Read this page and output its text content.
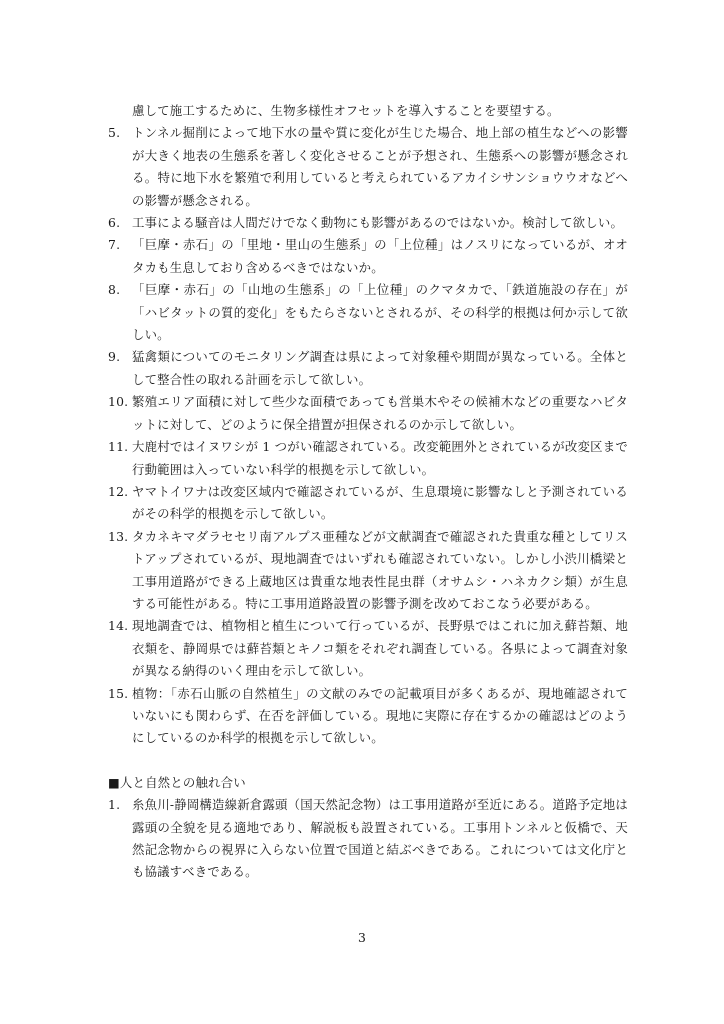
慮して施工するために、生物多様性オフセットを導入することを要望する。

5. トンネル掘削によって地下水の量や質に変化が生じた場合、地上部の植生などへの影響が大きく地表の生態系を著しく変化させることが予想され、生態系への影響が懸念される。特に地下水を繁殖で利用していると考えられているアカイシサンショウウオなどへの影響が懸念される。

6. 工事による騒音は人間だけでなく動物にも影響があるのではないか。検討して欲しい。

7. 「巨摩・赤石」の「里地・里山の生態系」の「上位種」はノスリになっているが、オオタカも生息しており含めるべきではないか。

8. 「巨摩・赤石」の「山地の生態系」の「上位種」のクマタカで、「鉄道施設の存在」が「ハビタットの質的変化」をもたらさないとされるが、その科学的根拠は何か示して欲しい。

9. 猛禽類についてのモニタリング調査は県によって対象種や期間が異なっている。全体として整合性の取れる計画を示して欲しい。

10. 繁殖エリア面積に対して些少な面積であっても営巣木やその候補木などの重要なハビタットに対して、どのように保全措置が担保されるのか示して欲しい。

11. 大鹿村ではイヌワシが 1 つがい確認されている。改変範囲外とされているが改変区まで行動範囲は入っていない科学的根拠を示して欲しい。

12. ヤマトイワナは改変区域内で確認されているが、生息環境に影響なしと予測されているがその科学的根拠を示して欲しい。

13. タカネキマダラセセリ南アルプス亜種などが文献調査で確認された貴重な種としてリストアップされているが、現地調査ではいずれも確認されていない。しかし小渋川橋梁と工事用道路ができる上蔵地区は貴重な地表性昆虫群（オサムシ・ハネカクシ類）が生息する可能性がある。特に工事用道路設置の影響予測を改めておこなう必要がある。

14. 現地調査では、植物相と植生について行っているが、長野県ではこれに加え蘚苔類、地衣類を、静岡県では蘚苔類とキノコ類をそれぞれ調査している。各県によって調査対象が異なる納得のいく理由を示して欲しい。

15. 植物：「赤石山脈の自然植生」の文献のみでの記載項目が多くあるが、現地確認されていないにも関わらず、在否を評価している。現地に実際に存在するかの確認はどのようにしているのか科学的根拠を示して欲しい。

■人と自然との触れ合い

1. 糸魚川-静岡構造線新倉露頭（国天然記念物）は工事用道路が至近にある。道路予定地は露頭の全貌を見る適地であり、解説板も設置されている。工事用トンネルと仮橋で、天然記念物からの視界に入らない位置で国道と結ぶべきである。これについては文化庁とも協議すべきである。

3
